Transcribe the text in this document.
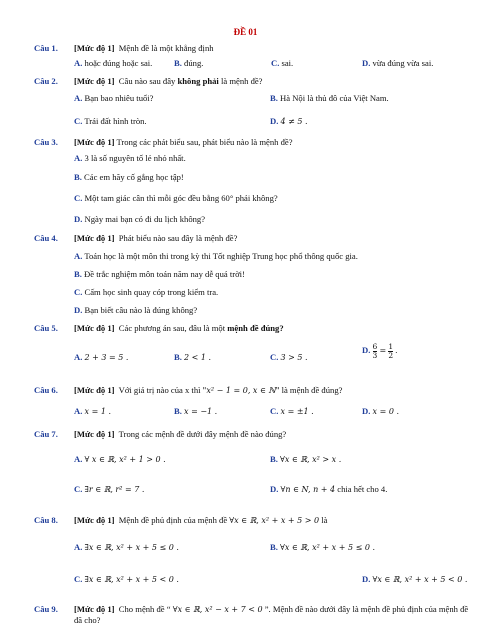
ĐỀ 01
Câu 1. [Mức độ 1] Mệnh đề là một khẳng định
A. hoặc đúng hoặc sai.	B. đúng.	C. sai.	D. vừa đúng vừa sai.
Câu 2. [Mức độ 1] Câu nào sau đây không phải là mệnh đề?
A. Bạn bao nhiêu tuổi?	B. Hà Nội là thủ đô của Việt Nam.
C. Trái đất hình tròn.	D. 4 ≠ 5 .
Câu 3. [Mức độ 1] Trong các phát biểu sau, phát biểu nào là mệnh đề?
A. 3 là số nguyên tố lẻ nhỏ nhất.
B. Các em hãy cố gắng học tập!
C. Một tam giác cân thì mỗi góc đều bằng 60° phải không?
D. Ngày mai bạn có đi du lịch không?
Câu 4. [Mức độ 1] Phát biểu nào sau đây là mệnh đề?
A. Toán học là một môn thi trong kỳ thi Tốt nghiệp Trung học phổ thông quốc gia.
B. Đề trắc nghiệm môn toán năm nay dễ quá trời!
C. Cấm học sinh quay cóp trong kiểm tra.
D. Bạn biết câu nào là đúng không?
Câu 5. [Mức độ 1] Các phương án sau, đâu là một mệnh đề đúng?
A. 2 + 3 = 5 .	B. 2 < 1 .	C. 3 > 5 .
D. $\frac{6}{3} = \frac{1}{2}$ .
Câu 6. [Mức độ 1] Với giá trị nào của x thì "x² − 1 = 0, x ∈ ℕ" là mệnh đề đúng?
A. x = 1 .	B. x = −1 .	C. x = ±1 .	D. x = 0 .
Câu 7. [Mức độ 1] Trong các mệnh đề dưới đây mệnh đề nào đúng?
A. ∀ x ∈ ℝ, x² + 1 > 0 .	B. ∀x ∈ ℝ, x² > x .
C. ∃r ∈ ℝ, r² = 7 .	D. ∀n ∈ N, n + 4 chia hết cho 4.
Câu 8. [Mức độ 1] Mệnh đề phủ định của mệnh đề ∀x ∈ ℝ, x² + x + 5 > 0 là
A. ∃x ∈ ℝ, x² + x + 5 ≤ 0 .	B. ∀x ∈ ℝ, x² + x + 5 ≤ 0 .
C. ∃x ∈ ℝ, x² + x + 5 < 0 .	D. ∀x ∈ ℝ, x² + x + 5 < 0 .
Câu 9.	[Mức độ 1] Cho mệnh đề “ ∀x ∈ ℝ, x² − x + 7 < 0 ”. Mệnh đề nào dưới đây là mệnh đề phủ định của mệnh đề đã cho?
